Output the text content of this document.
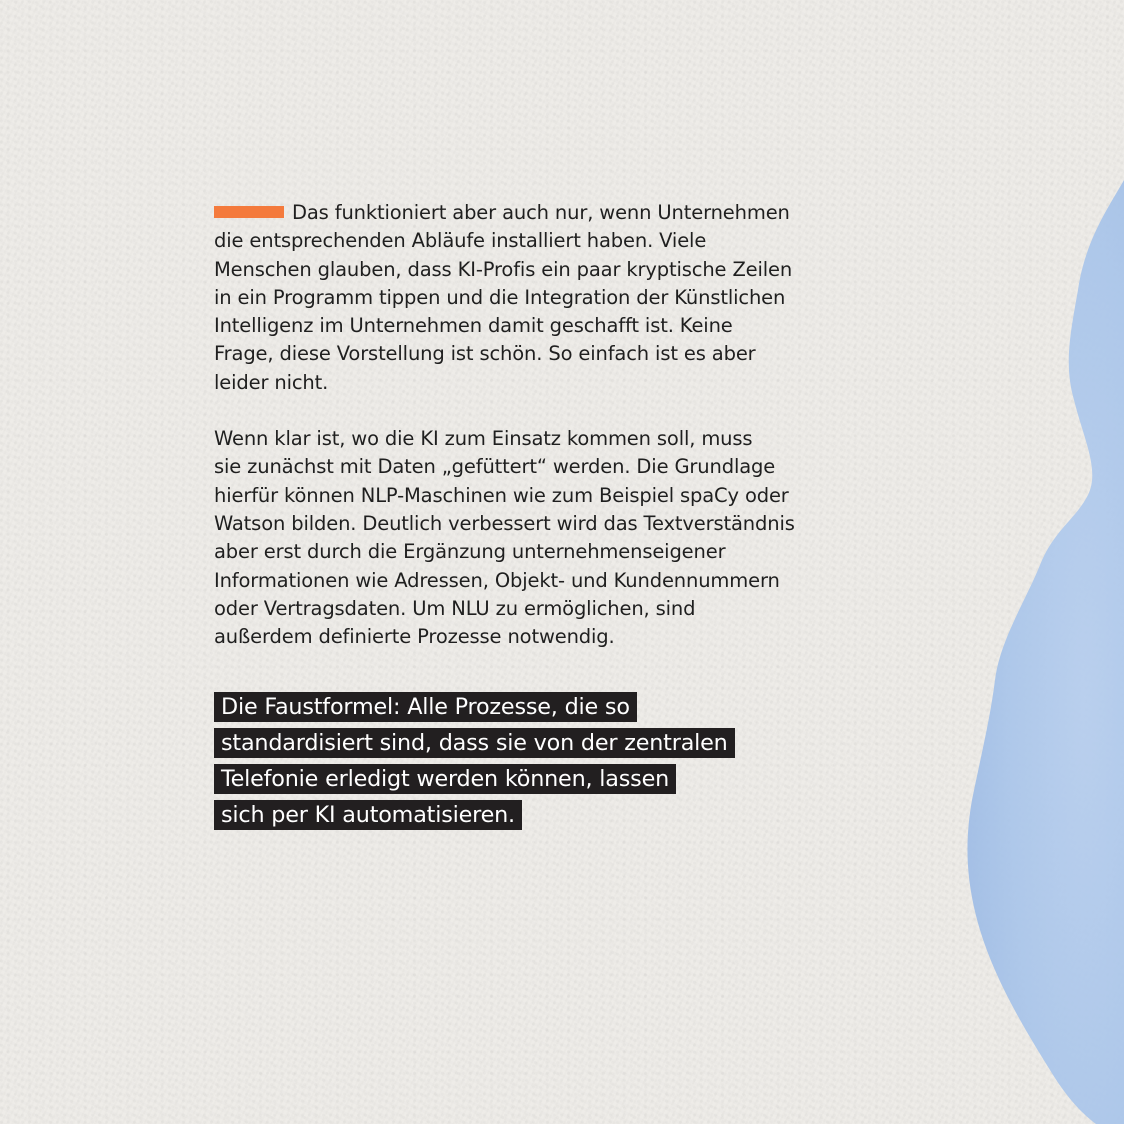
Das funktioniert aber auch nur, wenn Unternehmen
die entsprechenden Abläufe installiert haben. Viele
Menschen glauben, dass KI-Profis ein paar kryptische Zeilen
in ein Programm tippen und die Integration der Künstlichen
Intelligenz im Unternehmen damit geschafft ist. Keine
Frage, diese Vorstellung ist schön. So einfach ist es aber
leider nicht.

Wenn klar ist, wo die KI zum Einsatz kommen soll, muss
sie zunächst mit Daten „gefüttert“ werden. Die Grundlage
hierfür können NLP-Maschinen wie zum Beispiel spaCy oder
Watson bilden. Deutlich verbessert wird das Textverständnis
aber erst durch die Ergänzung unternehmenseigener
Informationen wie Adressen, Objekt- und Kundennummern
oder Vertragsdaten. Um NLU zu ermöglichen, sind
außerdem definierte Prozesse notwendig.

Die Faustformel: Alle Prozesse, die so
standardisiert sind, dass sie von der zentralen
Telefonie erledigt werden können, lassen
sich per KI automatisieren.
